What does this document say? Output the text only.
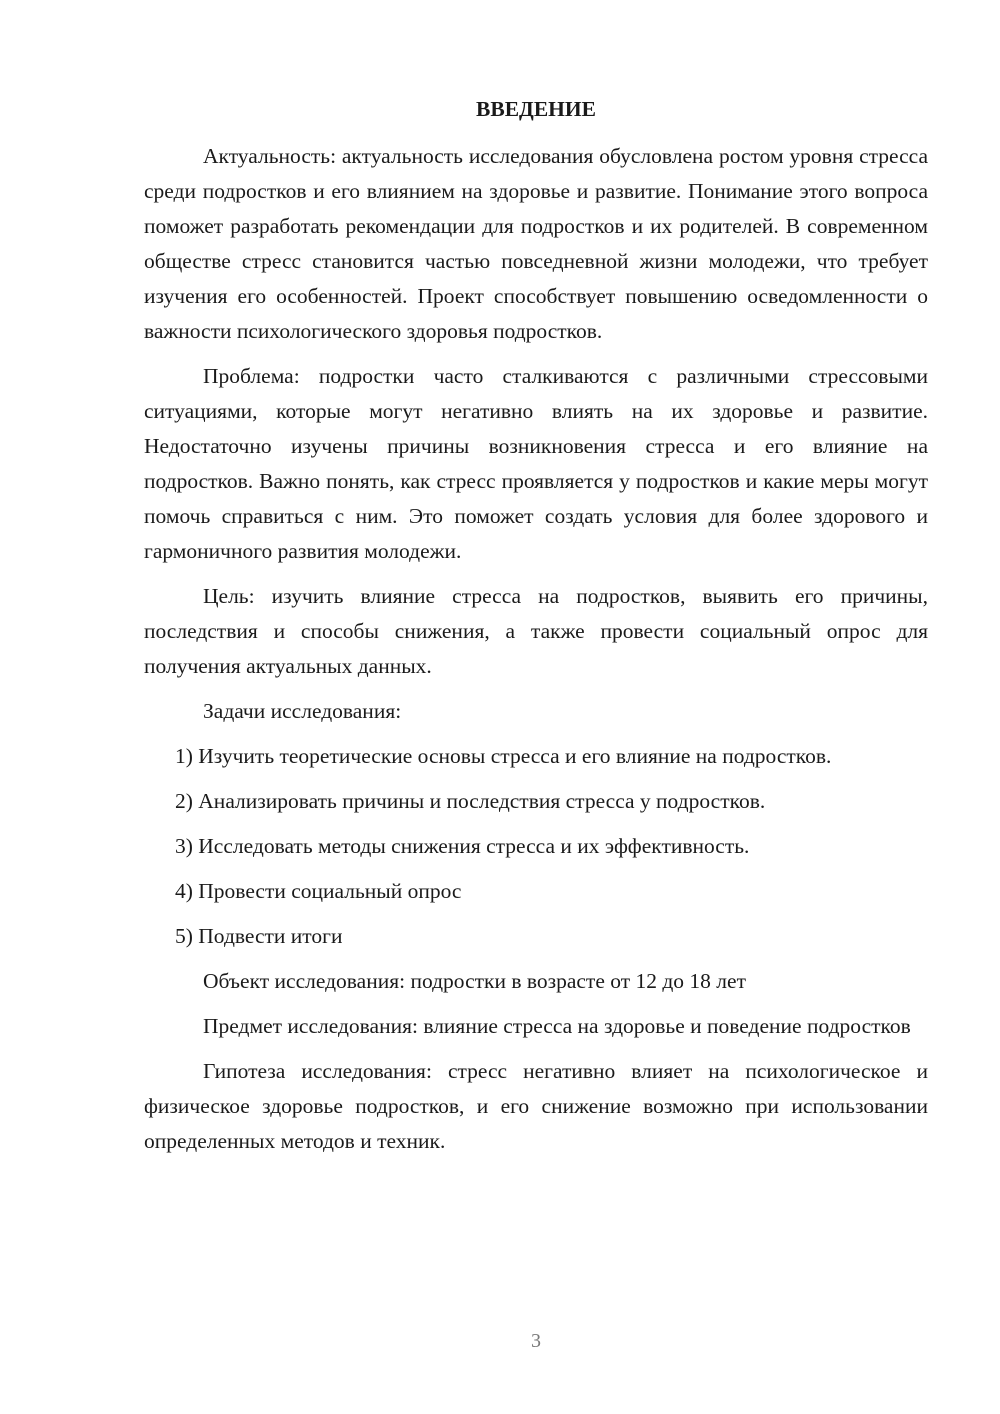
ВВЕДЕНИЕ

Актуальность: актуальность исследования обусловлена ростом уровня стресса среди подростков и его влиянием на здоровье и развитие. Понимание этого вопроса поможет разработать рекомендации для подростков и их родителей. В современном обществе стресс становится частью повседневной жизни молодежи, что требует изучения его особенностей. Проект способствует повышению осведомленности о важности психологического здоровья подростков.

Проблема: подростки часто сталкиваются с различными стрессовыми ситуациями, которые могут негативно влиять на их здоровье и развитие. Недостаточно изучены причины возникновения стресса и его влияние на подростков. Важно понять, как стресс проявляется у подростков и какие меры могут помочь справиться с ним. Это поможет создать условия для более здорового и гармоничного развития молодежи.

Цель: изучить влияние стресса на подростков, выявить его причины, последствия и способы снижения, а также провести социальный опрос для получения актуальных данных.

Задачи исследования:
1) Изучить теоретические основы стресса и его влияние на подростков.
2) Анализировать причины и последствия стресса у подростков.
3) Исследовать методы снижения стресса и их эффективность.
4) Провести социальный опрос
5) Подвести итоги
Объект исследования: подростки в возрасте от 12 до 18 лет

Предмет исследования: влияние стресса на здоровье и поведение подростков

Гипотеза исследования: стресс негативно влияет на психологическое и физическое здоровье подростков, и его снижение возможно при использовании определенных методов и техник.

3
